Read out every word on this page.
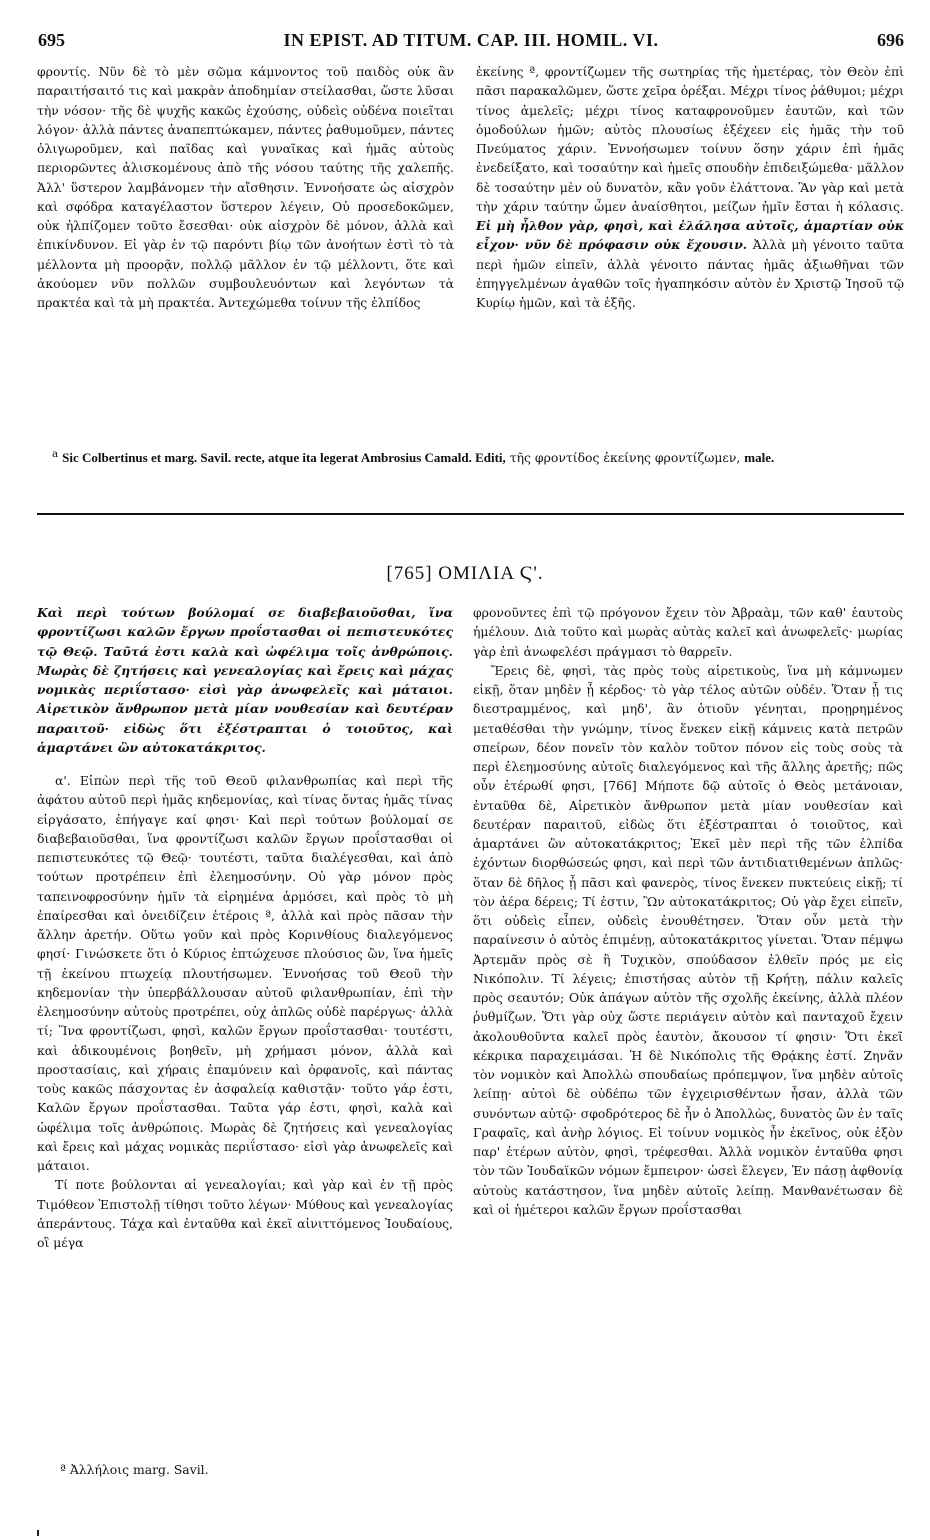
695	IN EPIST. AD TITUM. CAP. III. HOMIL. VI.	696

φροντίς. Νῦν δὲ τὸ μὲν σῶμα κάμνοντος τοῦ παιδὸς οὐκ ἂν παραιτήσαιτό τις καὶ μακρὰν ἀποδημίαν στείλασθαι, ὥστε λῦσαι τὴν νόσον· τῆς δὲ ψυχῆς κακῶς ἐχούσης, οὐδεὶς οὐδένα ποιεῖται λόγον· ἀλλὰ πάντες ἀναπεπτώκαμεν, πάντες ῥαθυμοῦμεν, πάντες ὀλιγωροῦμεν, καὶ παῖδας καὶ γυναῖκας καὶ ἡμᾶς αὐτοὺς περιορῶντες ἁλισκομένους ἀπὸ τῆς νόσου ταύτης τῆς χαλεπῆς. Ἀλλ' ὕστερον λαμβάνομεν τὴν αἴσθησιν. Ἐννοήσατε ὡς αἰσχρὸν καὶ σφόδρα καταγέλαστον ὕστερον λέγειν, Οὐ προσεδοκῶμεν, οὐκ ἠλπίζομεν τοῦτο ἔσεσθαι· οὐκ αἰσχρὸν δὲ μόνον, ἀλλὰ καὶ ἐπικίνδυνον. Εἰ γὰρ ἐν τῷ παρόντι βίῳ τῶν ἀνοήτων ἐστὶ τὸ τὰ μέλλοντα μὴ προορᾷν, πολλῷ μᾶλλον ἐν τῷ μέλλοντι, ὅτε καὶ ἀκούομεν νῦν πολλῶν συμβουλευόντων καὶ λεγόντων τὰ πρακτέα καὶ τὰ μὴ πρακτέα. Ἀντεχώμεθα τοίνυν τῆς ἐλπίδος

ἐκείνης ª, φροντίζωμεν τῆς σωτηρίας τῆς ἡμετέρας, τὸν Θεὸν ἐπὶ πᾶσι παρακαλῶμεν, ὥστε χεῖρα ὀρέξαι. Μέχρι τίνος ῥάθυμοι; μέχρι τίνος ἀμελεῖς; μέχρι τίνος καταφρονοῦμεν ἑαυτῶν, καὶ τῶν ὁμοδούλων ἡμῶν; αὐτὸς πλουσίως ἐξέχεεν εἰς ἡμᾶς τὴν τοῦ Πνεύματος χάριν. Ἐννοήσωμεν τοίνυν ὅσην χάριν ἐπὶ ἡμᾶς ἐνεδείξατο, καὶ τοσαύτην καὶ ἡμεῖς σπουδὴν ἐπιδειξώμεθα· μᾶλλον δὲ τοσαύτην μὲν οὐ δυνατὸν, κἂν γοῦν ἐλάττονα. Ἂν γὰρ καὶ μετὰ τὴν χάριν ταύτην ὦμεν ἀναίσθητοι, μείζων ἡμῖν ἔσται ἡ κόλασις. Εἰ μὴ ἦλθον γὰρ, φησὶ, καὶ ἐλάλησα αὐτοῖς, ἁμαρτίαν οὐκ εἶχον· νῦν δὲ πρόφασιν οὐκ ἔχουσιν. Ἀλλὰ μὴ γένοιτο ταῦτα περὶ ἡμῶν εἰπεῖν, ἀλλὰ γένοιτο πάντας ἡμᾶς ἀξιωθῆναι τῶν ἐπηγγελμένων ἀγαθῶν τοῖς ἠγαπηκόσιν αὐτὸν ἐν Χριστῷ Ἰησοῦ τῷ Κυρίῳ ἡμῶν, καὶ τὰ ἑξῆς.

$^a$ Sic Colbertinus et marg. Savil. recte, atque ita legerat Ambrosius Camald. Editi, τῆς φροντίδος ἐκείνης φροντίζωμεν, male.
[765] ΟΜΙΛΙΑ Ϛ'.

Καὶ περὶ τούτων βούλομαί σε διαβεβαιοῦσθαι, ἵνα φροντίζωσι καλῶν ἔργων προΐστασθαι οἱ πεπιστευκότες τῷ Θεῷ. Ταῦτά ἐστι καλὰ καὶ ὠφέλιμα τοῖς ἀνθρώποις. Μωρὰς δὲ ζητήσεις καὶ γενεαλογίας καὶ ἔρεις καὶ μάχας νομικὰς περιΐστασο· εἰσὶ γὰρ ἀνωφελεῖς καὶ μάταιοι. Αἱρετικὸν ἄνθρωπον μετὰ μίαν νουθεσίαν καὶ δευτέραν παραιτοῦ· εἰδὼς ὅτι ἐξέστραπται ὁ τοιοῦτος, καὶ ἁμαρτάνει ὢν αὐτοκατάκριτος.

α'. Εἰπὼν περὶ τῆς τοῦ Θεοῦ φιλανθρωπίας καὶ περὶ τῆς ἀφάτου αὐτοῦ περὶ ἡμᾶς κηδεμονίας, καὶ τίνας ὄντας ἡμᾶς τίνας εἰργάσατο, ἐπήγαγε καί φησι· Καὶ περὶ τούτων βούλομαί σε διαβεβαιοῦσθαι, ἵνα φροντίζωσι καλῶν ἔργων προΐστασθαι οἱ πεπιστευκότες τῷ Θεῷ· τουτέστι, ταῦτα διαλέγεσθαι, καὶ ἀπὸ τούτων προτρέπειν ἐπὶ ἐλεημοσύνην. Οὐ γὰρ μόνον πρὸς ταπεινοφροσύνην ἡμῖν τὰ εἰρημένα ἁρμόσει, καὶ πρὸς τὸ μὴ ἐπαίρεσθαι καὶ ὀνειδίζειν ἑτέροις ª, ἀλλὰ καὶ πρὸς πᾶσαν τὴν ἄλλην ἀρετήν. Οὕτω γοῦν καὶ πρὸς Κορινθίους διαλεγόμενος φησί· Γινώσκετε ὅτι ὁ Κύριος ἐπτώχευσε πλούσιος ὢν, ἵνα ἡμεῖς τῇ ἐκείνου πτωχείᾳ πλουτήσωμεν. Ἐννοήσας τοῦ Θεοῦ τὴν κηδεμονίαν τὴν ὑπερβάλλουσαν αὐτοῦ φιλανθρωπίαν, ἐπὶ τὴν ἐλεημοσύνην αὐτοὺς προτρέπει, οὐχ ἁπλῶς οὐδὲ παρέργως· ἀλλὰ τί; Ἵνα φροντίζωσι, φησὶ, καλῶν ἔργων προΐστασθαι· τουτέστι, καὶ ἀδικουμένοις βοηθεῖν, μὴ χρήμασι μόνον, ἀλλὰ καὶ προστασίαις, καὶ χήραις ἐπαμύνειν καὶ ὀρφανοῖς, καὶ πάντας τοὺς κακῶς πάσχοντας ἐν ἀσφαλείᾳ καθιστᾷν· τοῦτο γάρ ἐστι, Καλῶν ἔργων προΐστασθαι. Ταῦτα γάρ ἐστι, φησὶ, καλὰ καὶ ὠφέλιμα τοῖς ἀνθρώποις. Μωρὰς δὲ ζητήσεις καὶ γενεαλογίας καὶ ἔρεις καὶ μάχας νομικὰς περιΐστασο· εἰσὶ γὰρ ἀνωφελεῖς καὶ μάταιοι.

Τί ποτε βούλονται αἱ γενεαλογίαι; καὶ γὰρ καὶ ἐν τῇ πρὸς Τιμόθεον Ἐπιστολῇ τίθησι τοῦτο λέγων· Μύθους καὶ γενεαλογίας ἀπεράντους. Τάχα καὶ ἐνταῦθα καὶ ἐκεῖ αἰνιττόμενος Ἰουδαίους, οἳ μέγα

φρονοῦντες ἐπὶ τῷ πρόγονον ἔχειν τὸν Ἀβραὰμ, τῶν καθ' ἑαυτοὺς ἠμέλουν. Διὰ τοῦτο καὶ μωρὰς αὐτὰς καλεῖ καὶ ἀνωφελεῖς· μωρίας γὰρ ἐπὶ ἀνωφελέσι πράγμασι τὸ θαρρεῖν.

Ἔρεις δὲ, φησὶ, τὰς πρὸς τοὺς αἱρετικοὺς, ἵνα μὴ κάμνωμεν εἰκῇ, ὅταν μηδὲν ᾖ κέρδος· τὸ γὰρ τέλος αὐτῶν οὐδέν. Ὅταν ᾖ τις διεστραμμένος, καὶ μηδ', ἂν ὁτιοῦν γένηται, προῃρημένος μεταθέσθαι τὴν γνώμην, τίνος ἕνεκεν εἰκῇ κάμνεις κατὰ πετρῶν σπείρων, δέον πονεῖν τὸν καλὸν τοῦτον πόνον εἰς τοὺς σοὺς τὰ περὶ ἐλεημοσύνης αὐτοῖς διαλεγόμενος καὶ τῆς ἄλλης ἀρετῆς; πῶς οὖν ἑτέρωθί φησι, [766] Μήποτε δῷ αὐτοῖς ὁ Θεὸς μετάνοιαν, ἐνταῦθα δὲ, Αἱρετικὸν ἄνθρωπον μετὰ μίαν νουθεσίαν καὶ δευτέραν παραιτοῦ, εἰδὼς ὅτι ἐξέστραπται ὁ τοιοῦτος, καὶ ἁμαρτάνει ὢν αὐτοκατάκριτος; Ἐκεῖ μὲν περὶ τῆς τῶν ἐλπίδα ἐχόντων διορθώσεώς φησι, καὶ περὶ τῶν ἀντιδιατιθεμένων ἁπλῶς· ὅταν δὲ δῆλος ᾖ πᾶσι καὶ φανερὸς, τίνος ἕνεκεν πυκτεύεις εἰκῇ; τί τὸν ἀέρα δέρεις; Τί ἐστιν, Ὢν αὐτοκατάκριτος; Οὐ γὰρ ἔχει εἰπεῖν, ὅτι οὐδεὶς εἶπεν, οὐδεὶς ἐνουθέτησεν. Ὅταν οὖν μετὰ τὴν παραίνεσιν ὁ αὐτὸς ἐπιμένῃ, αὐτοκατάκριτος γίνεται. Ὅταν πέμψω Ἀρτεμᾶν πρὸς σὲ ἢ Τυχικὸν, σπούδασον ἐλθεῖν πρός με εἰς Νικόπολιν. Τί λέγεις; ἐπιστήσας αὐτὸν τῇ Κρήτῃ, πάλιν καλεῖς πρὸς σεαυτόν; Οὐκ ἀπάγων αὐτὸν τῆς σχολῆς ἐκείνης, ἀλλὰ πλέον ῥυθμίζων. Ὅτι γὰρ οὐχ ὥστε περιάγειν αὐτὸν καὶ πανταχοῦ ἔχειν ἀκολουθοῦντα καλεῖ πρὸς ἑαυτὸν, ἄκουσον τί φησιν· Ὅτι ἐκεῖ κέκρικα παραχειμάσαι. Ἡ δὲ Νικόπολις τῆς Θρᾴκης ἐστί. Ζηνᾶν τὸν νομικὸν καὶ Ἀπολλὼ σπουδαίως πρόπεμψον, ἵνα μηδὲν αὐτοῖς λείπῃ· αὐτοὶ δὲ οὐδέπω τῶν ἐγχειρισθέντων ἦσαν, ἀλλὰ τῶν συνόντων αὐτῷ· σφοδρότερος δὲ ἦν ὁ Ἀπολλὼς, δυνατὸς ὢν ἐν ταῖς Γραφαῖς, καὶ ἀνὴρ λόγιος. Εἰ τοίνυν νομικὸς ἦν ἐκεῖνος, οὐκ ἐξὸν παρ' ἑτέρων αὐτὸν, φησὶ, τρέφεσθαι. Ἀλλὰ νομικὸν ἐνταῦθα φησι τὸν τῶν Ἰουδαϊκῶν νόμων ἔμπειρον· ὡσεὶ ἔλεγεν, Ἐν πάσῃ ἀφθονίᾳ αὐτοὺς κατάστησον, ἵνα μηδὲν αὐτοῖς λείπῃ. Μανθανέτωσαν δὲ καὶ οἱ ἡμέτεροι καλῶν ἔργων προΐστασθαι

ª Ἀλλήλοις marg. Savil.
